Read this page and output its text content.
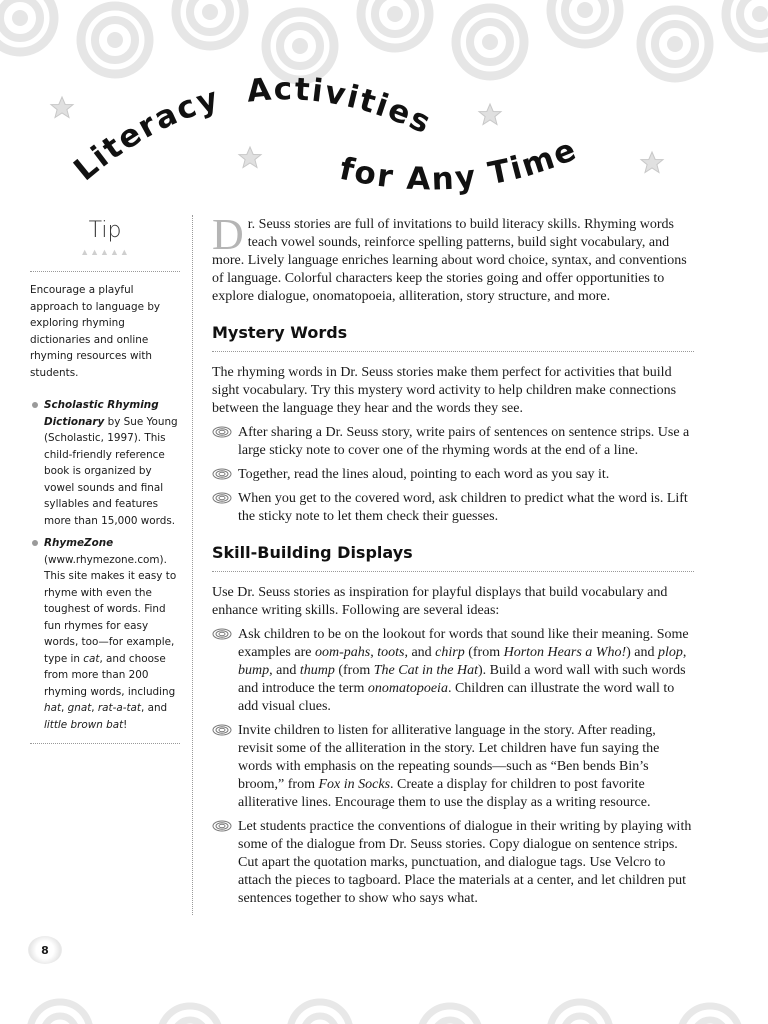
Literacy Activities
for Any Time
Tip
▲▲▲▲▲

Encourage a playful approach to language by exploring rhyming dictionaries and online rhyming resources with students.

Scholastic Rhyming Dictionary by Sue Young (Scholastic, 1997). This child-friendly reference book is organized by vowel sounds and final syllables and features more than 15,000 words.
RhymeZone (www.rhymezone.com). This site makes it easy to rhyme with even the toughest of words. Find fun rhymes for easy words, too—for example, type in cat, and choose from more than 200 rhyming words, including hat, gnat, rat-a-tat, and little brown bat!

Dr. Seuss stories are full of invitations to build literacy skills. Rhyming words teach vowel sounds, reinforce spelling patterns, build sight vocabulary, and more. Lively language enriches learning about word choice, syntax, and conventions of language. Colorful characters keep the stories going and offer opportunities to explore dialogue, onomatopoeia, alliteration, story structure, and more.

Mystery Words

The rhyming words in Dr. Seuss stories make them perfect for activities that build sight vocabulary. Try this mystery word activity to help children make connections between the language they hear and the words they see.

After sharing a Dr. Seuss story, write pairs of sentences on sentence strips. Use a large sticky note to cover one of the rhyming words at the end of a line.
Together, read the lines aloud, pointing to each word as you say it.
When you get to the covered word, ask children to predict what the word is. Lift the sticky note to let them check their guesses.
Skill-Building Displays

Use Dr. Seuss stories as inspiration for playful displays that build vocabulary and enhance writing skills. Following are several ideas:

Ask children to be on the lookout for words that sound like their meaning. Some examples are oom-pahs, toots, and chirp (from Horton Hears a Who!) and plop, bump, and thump (from The Cat in the Hat). Build a word wall with such words and introduce the term onomatopoeia. Children can illustrate the word wall to add visual clues.
Invite children to listen for alliterative language in the story. After reading, revisit some of the alliteration in the story. Let children have fun saying the words with emphasis on the repeating sounds—such as “Ben bends Bin’s broom,” from Fox in Socks. Create a display for children to post favorite alliterative lines. Encourage them to use the display as a writing resource.
Let students practice the conventions of dialogue in their writing by playing with some of the dialogue from Dr. Seuss stories. Copy dialogue on sentence strips. Cut apart the quotation marks, punctuation, and dialogue tags. Use Velcro to attach the pieces to tagboard. Place the materials at a center, and let children put sentences together to show who says what.
8
